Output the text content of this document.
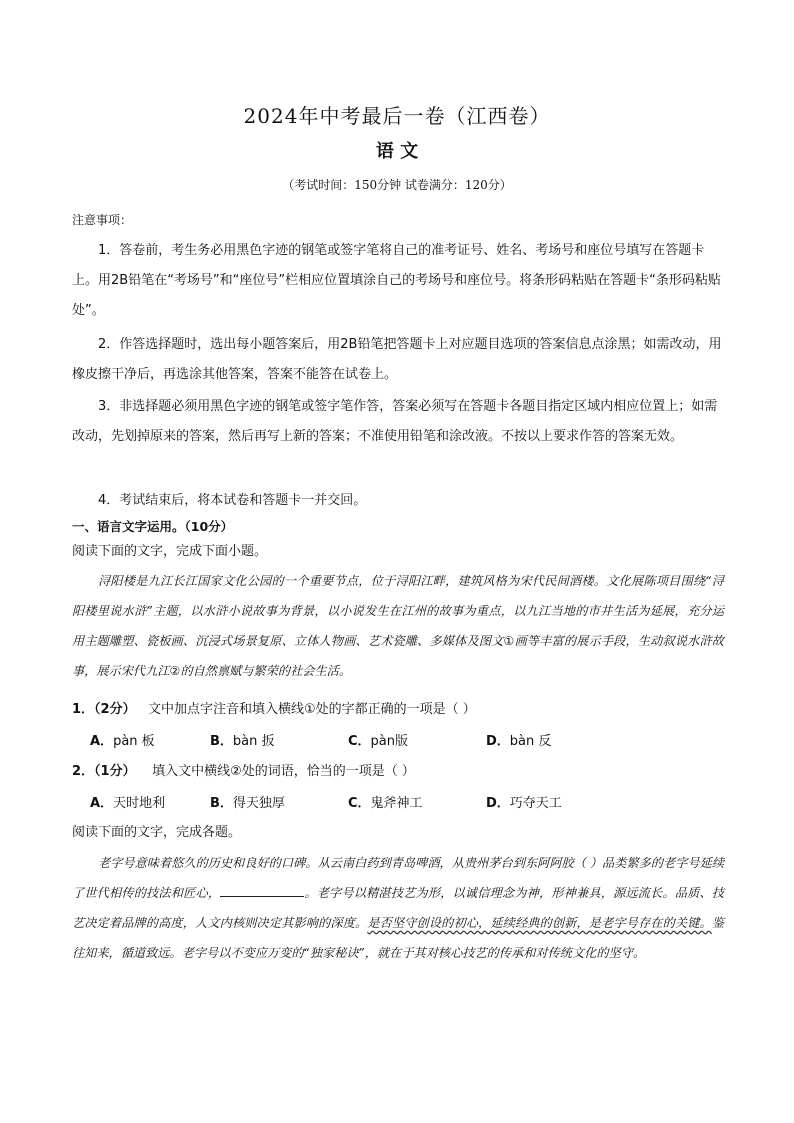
2024年中考最后一卷（江西卷）
语 文
（考试时间：150分钟 试卷满分：120分）
注意事项：
1．答卷前，考生务必用黑色字迹的钢笔或签字笔将自己的准考证号、姓名、考场号和座位号填写在答题卡上。用2B铅笔在“考场号”和“座位号”栏相应位置填涂自己的考场号和座位号。将条形码粘贴在答题卡“条形码粘贴处”。
2．作答选择题时，选出每小题答案后，用2B铅笔把答题卡上对应题目选项的答案信息点涂黑；如需改动，用橡皮擦干净后，再选涂其他答案，答案不能答在试卷上。
3．非选择题必须用黑色字迹的钢笔或签字笔作答，答案必须写在答题卡各题目指定区域内相应位置上；如需改动，先划掉原来的答案，然后再写上新的答案；不准使用铅笔和涂改液。不按以上要求作答的答案无效。
4．考试结束后，将本试卷和答题卡一并交回。
一、语言文字运用。（10分）
阅读下面的文字，完成下面小题。
浔阳楼是九江长江国家文化公园的一个重要节点，位于浔阳江畔，建筑风格为宋代民间酒楼。文化展陈项目围绕“浔阳楼里说水浒”主题，以水浒小说故事为背景，以小说发生在江州的故事为重点，以九江当地的市井生活为延展，充分运用主题雕塑、瓷板画、沉浸式场景复原、立体人物画、艺术瓷雕、多媒体及图文①画等丰富的展示手段，生动叙说水浒故事，展示宋代九江②的自然禀赋与繁荣的社会生活。
1．（2分） 文中加点字注音和填入横线①处的字都正确的一项是（ ）
A．pàn 板	B．bàn 扳	C．pàn版	D．bàn 反
2．（1分） 填入文中横线②处的词语，恰当的一项是（ ）
A．天时地利	B．得天独厚	C．鬼斧神工	D．巧夺天工
阅读下面的文字，完成各题。
老字号意味着悠久的历史和良好的口碑。从云南白药到青岛啤酒，从贵州茅台到东阿阿胶（ ）品类繁多的老字号延续了世代相传的技法和匠心，	。老字号以精湛技艺为形，以诚信理念为神，形神兼具，源远流长。品质、技艺决定着品牌的高度，人文内核则决定其影响的深度。是否坚守创设的初心，延续经典的创新，是老字号存在的关键。鉴往知来，循道致远。老字号以不变应万变的“独家秘诀”，就在于其对核心技艺的传承和对传统文化的坚守。
